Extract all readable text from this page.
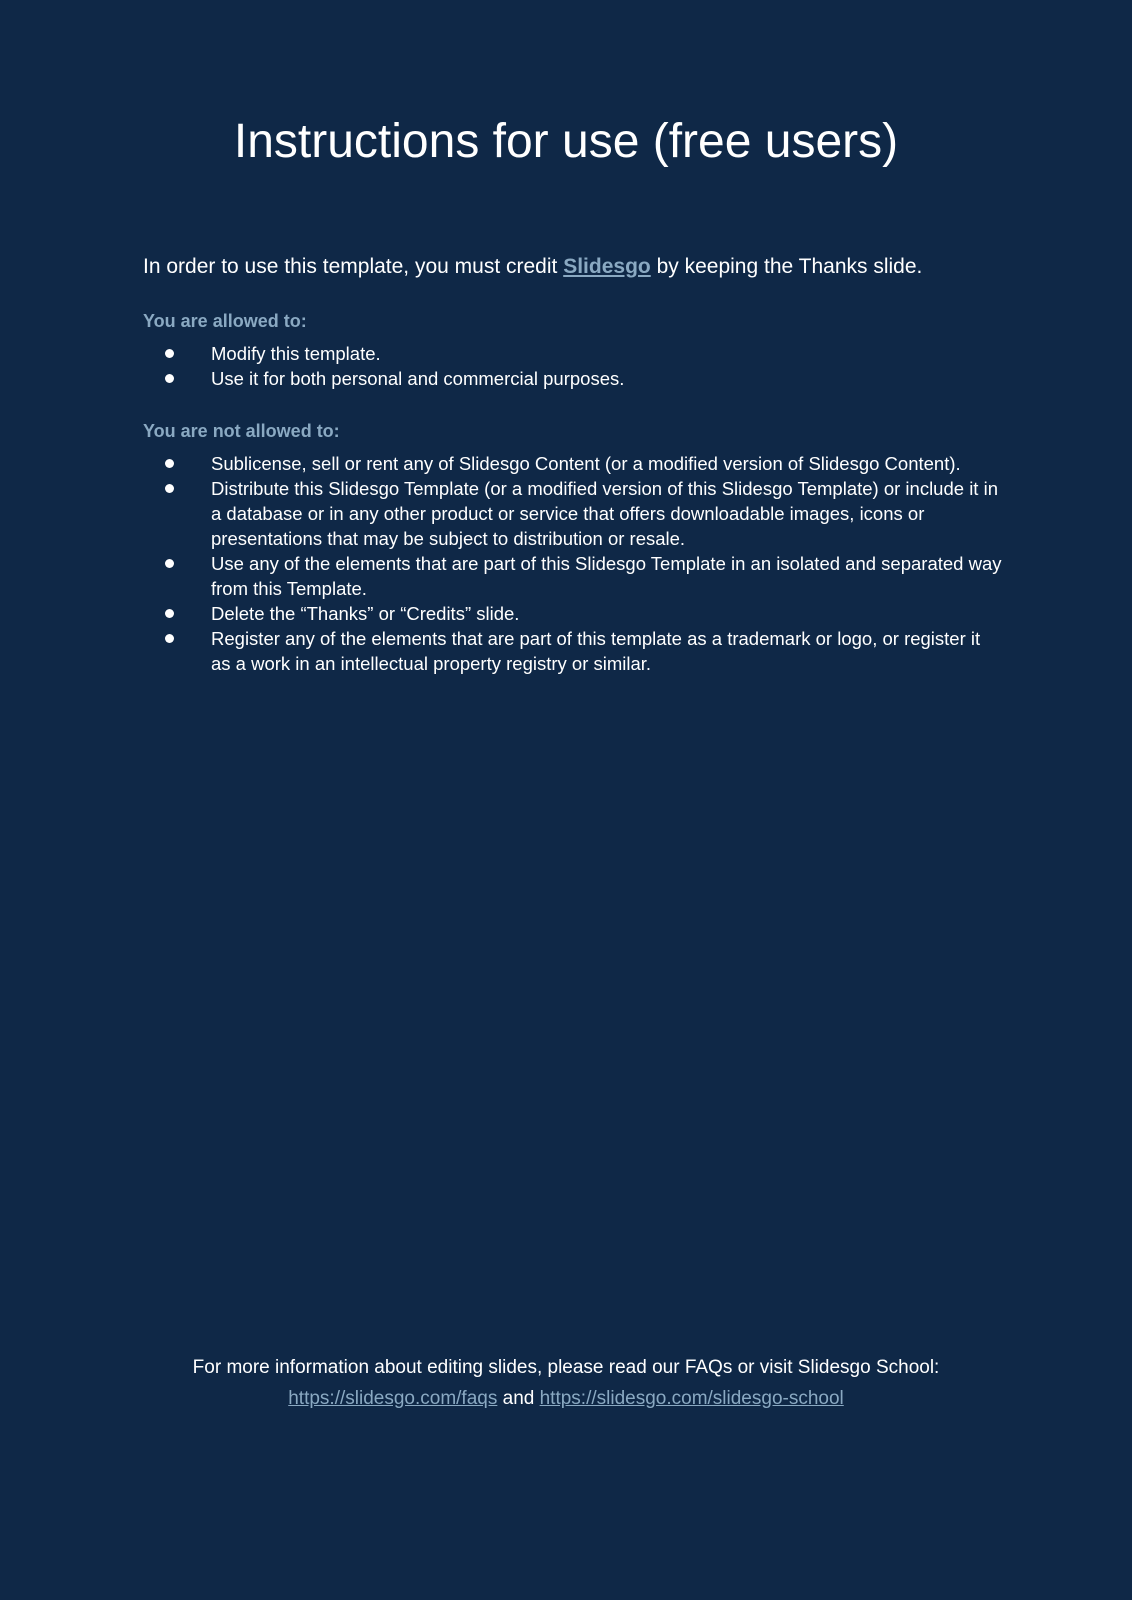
Instructions for use (free users)

In order to use this template, you must credit Slidesgo by keeping the Thanks slide.

You are allowed to:

Modify this template.
Use it for both personal and commercial purposes.

You are not allowed to:

Sublicense, sell or rent any of Slidesgo Content (or a modified version of Slidesgo Content).
Distribute this Slidesgo Template (or a modified version of this Slidesgo Template) or include it in a database or in any other product or service that offers downloadable images, icons or presentations that may be subject to distribution or resale.
Use any of the elements that are part of this Slidesgo Template in an isolated and separated way from this Template.
Delete the “Thanks” or “Credits” slide.
Register any of the elements that are part of this template as a trademark or logo, or register it as a work in an intellectual property registry or similar.

For more information about editing slides, please read our FAQs or visit Slidesgo School:

https://slidesgo.com/faqs and https://slidesgo.com/slidesgo-school
